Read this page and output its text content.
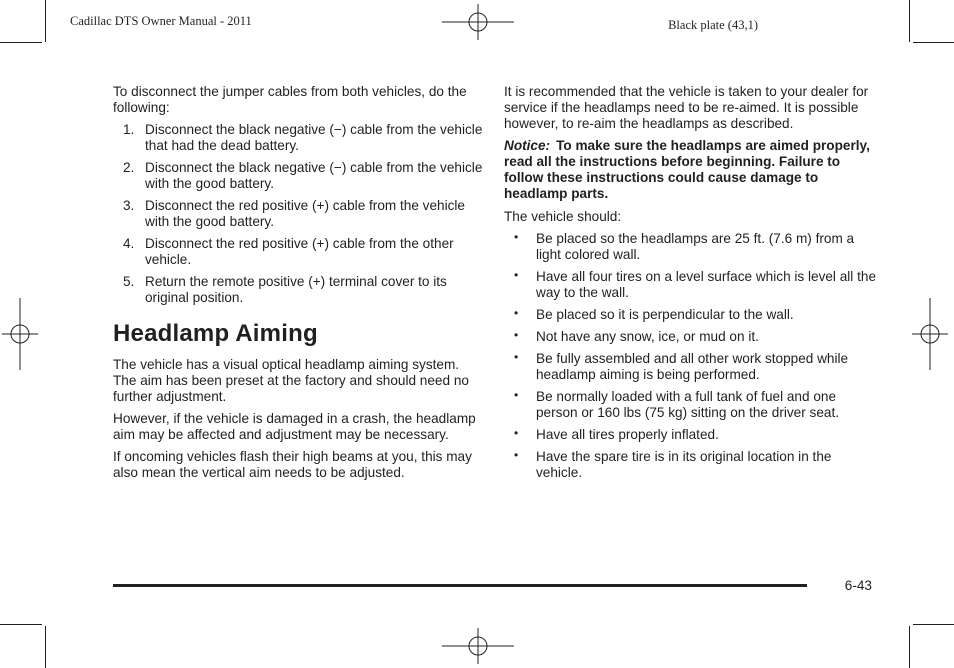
Cadillac DTS Owner Manual - 2011	Black plate (43,1)

To disconnect the jumper cables from both vehicles, do the following:

1. Disconnect the black negative (−) cable from the vehicle that had the dead battery.
2. Disconnect the black negative (−) cable from the vehicle with the good battery.
3. Disconnect the red positive (+) cable from the vehicle with the good battery.
4. Disconnect the red positive (+) cable from the other vehicle.
5. Return the remote positive (+) terminal cover to its original position.
Headlamp Aiming

The vehicle has a visual optical headlamp aiming system. The aim has been preset at the factory and should need no further adjustment.

However, if the vehicle is damaged in a crash, the headlamp aim may be affected and adjustment may be necessary.

If oncoming vehicles flash their high beams at you, this may also mean the vertical aim needs to be adjusted.

It is recommended that the vehicle is taken to your dealer for service if the headlamps need to be re-aimed. It is possible however, to re-aim the headlamps as described.

Notice: To make sure the headlamps are aimed properly, read all the instructions before beginning. Failure to follow these instructions could cause damage to headlamp parts.

The vehicle should:

• Be placed so the headlamps are 25 ft. (7.6 m) from a light colored wall.
• Have all four tires on a level surface which is level all the way to the wall.
• Be placed so it is perpendicular to the wall.
• Not have any snow, ice, or mud on it.
• Be fully assembled and all other work stopped while headlamp aiming is being performed.
• Be normally loaded with a full tank of fuel and one person or 160 lbs (75 kg) sitting on the driver seat.
• Have all tires properly inflated.
• Have the spare tire is in its original location in the vehicle.
6-43
